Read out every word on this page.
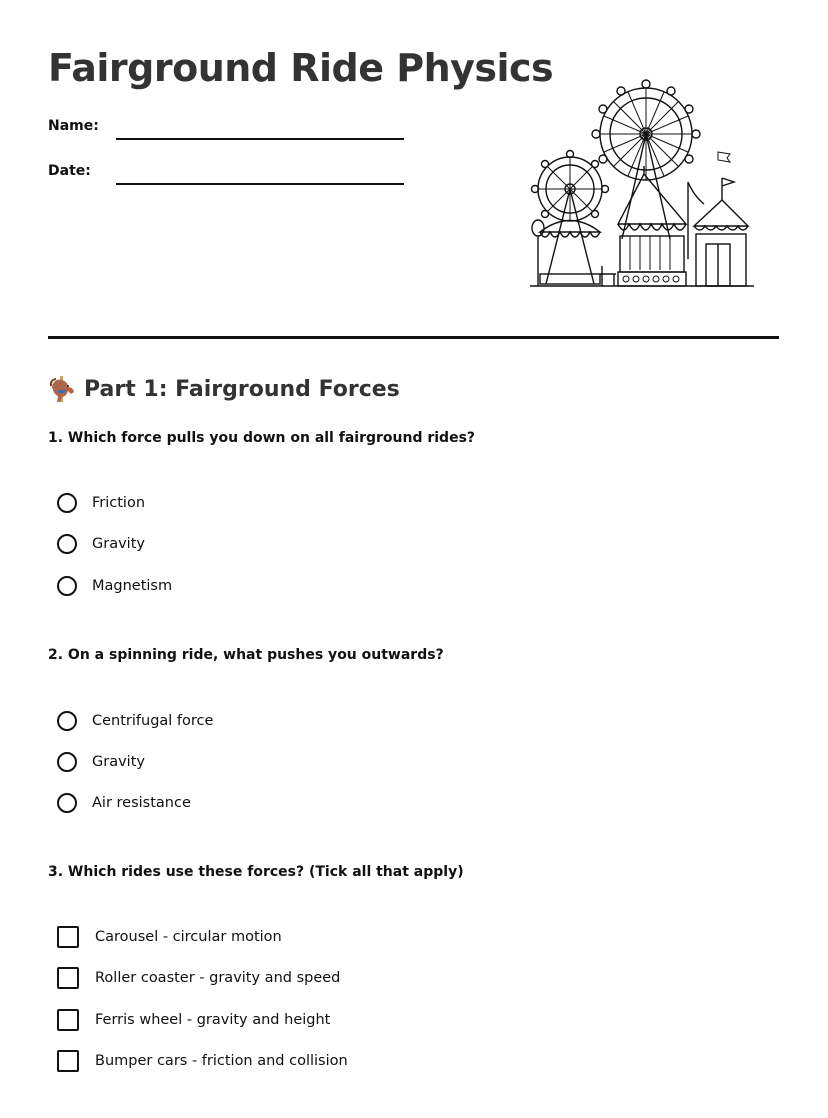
Fairground Ride Physics
Name:
Date:
Part 1: Fairground Forces
1. Which force pulls you down on all fairground rides?
Friction
Gravity
Magnetism
2. On a spinning ride, what pushes you outwards?
Centrifugal force
Gravity
Air resistance
3. Which rides use these forces? (Tick all that apply)
Carousel - circular motion
Roller coaster - gravity and speed
Ferris wheel - gravity and height
Bumper cars - friction and collision
